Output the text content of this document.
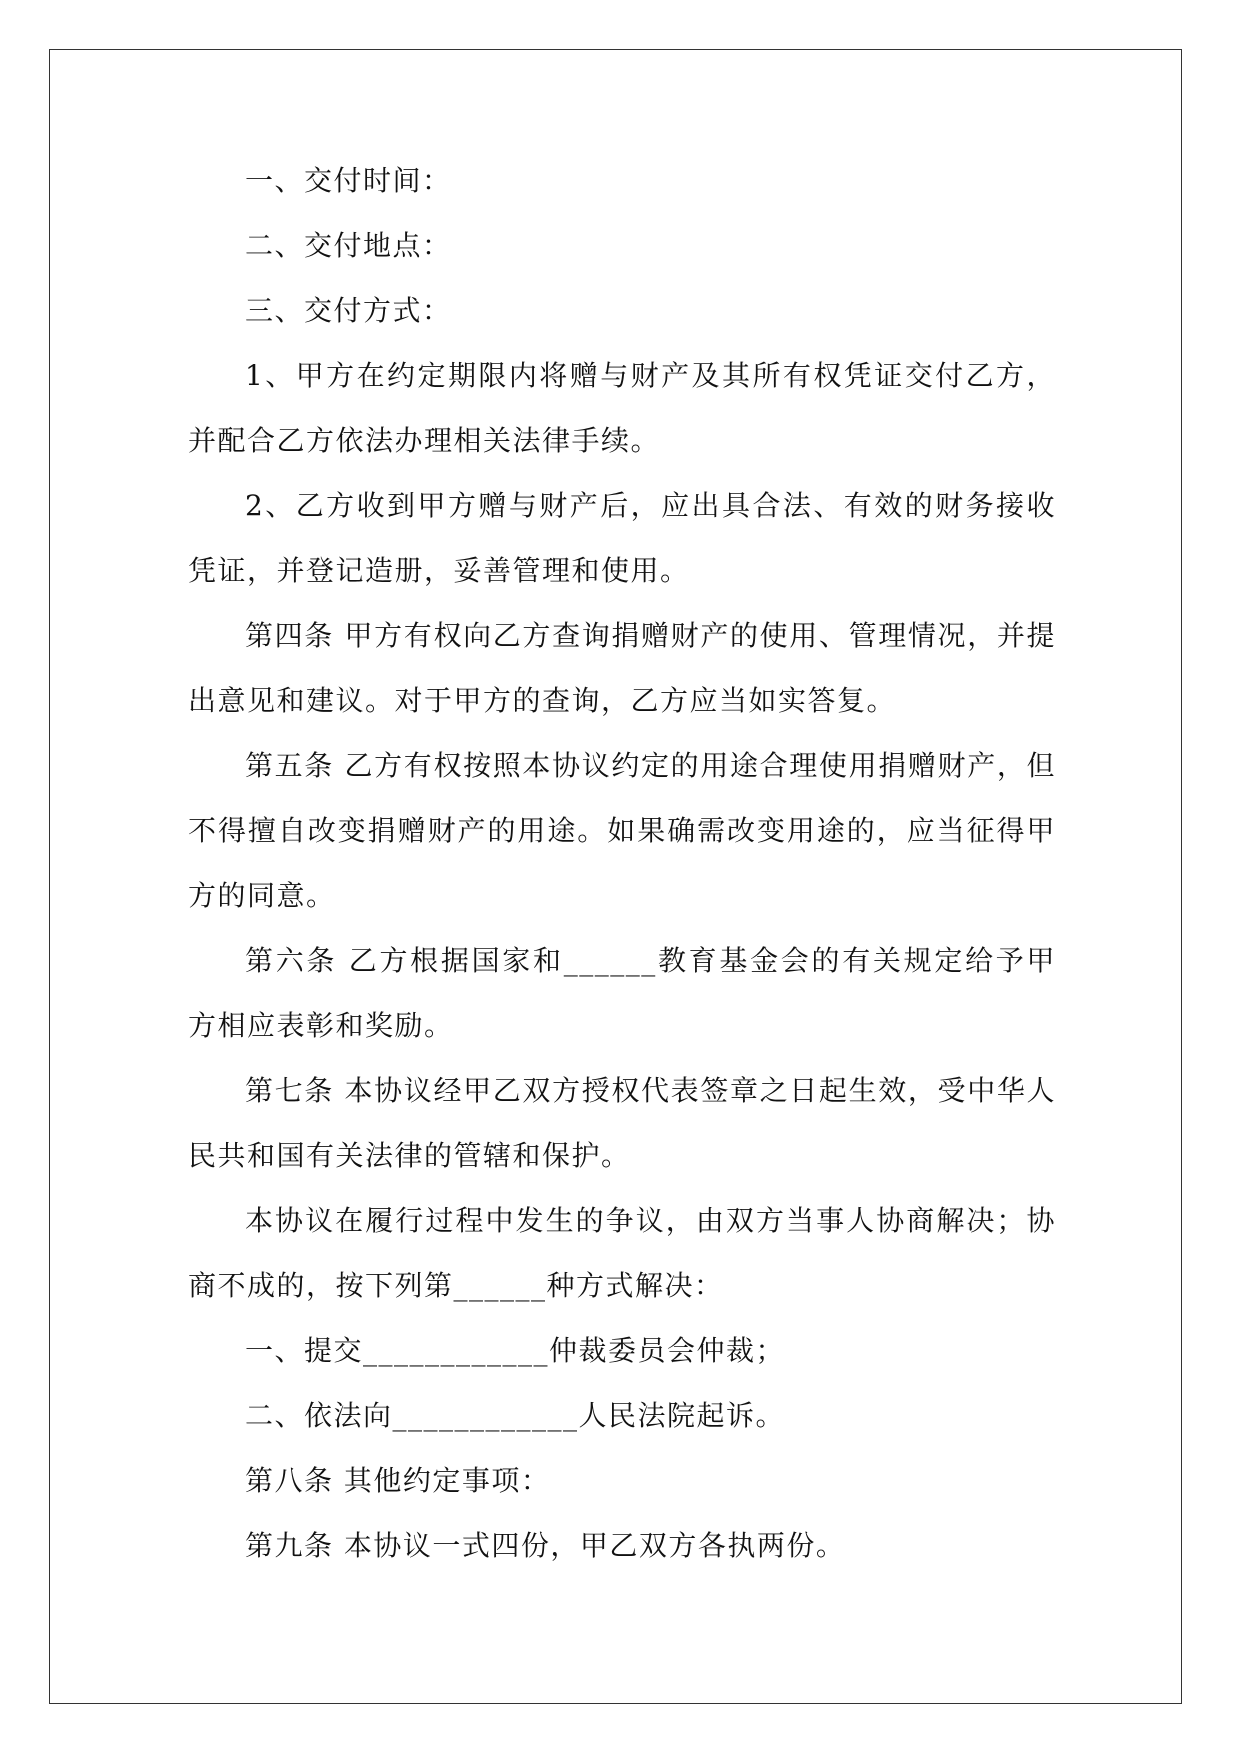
一、交付时间：

二、交付地点：

三、交付方式：

1、甲方在约定期限内将赠与财产及其所有权凭证交付乙方，并配合乙方依法办理相关法律手续。

2、乙方收到甲方赠与财产后，应出具合法、有效的财务接收凭证，并登记造册，妥善管理和使用。

第四条 甲方有权向乙方查询捐赠财产的使用、管理情况，并提出意见和建议。对于甲方的查询，乙方应当如实答复。

第五条 乙方有权按照本协议约定的用途合理使用捐赠财产，但不得擅自改变捐赠财产的用途。如果确需改变用途的，应当征得甲方的同意。

第六条 乙方根据国家和______教育基金会的有关规定给予甲方相应表彰和奖励。

第七条 本协议经甲乙双方授权代表签章之日起生效，受中华人民共和国有关法律的管辖和保护。

本协议在履行过程中发生的争议，由双方当事人协商解决；协商不成的，按下列第______种方式解决：

一、提交____________仲裁委员会仲裁；

二、依法向____________人民法院起诉。

第八条 其他约定事项：

第九条 本协议一式四份，甲乙双方各执两份。
